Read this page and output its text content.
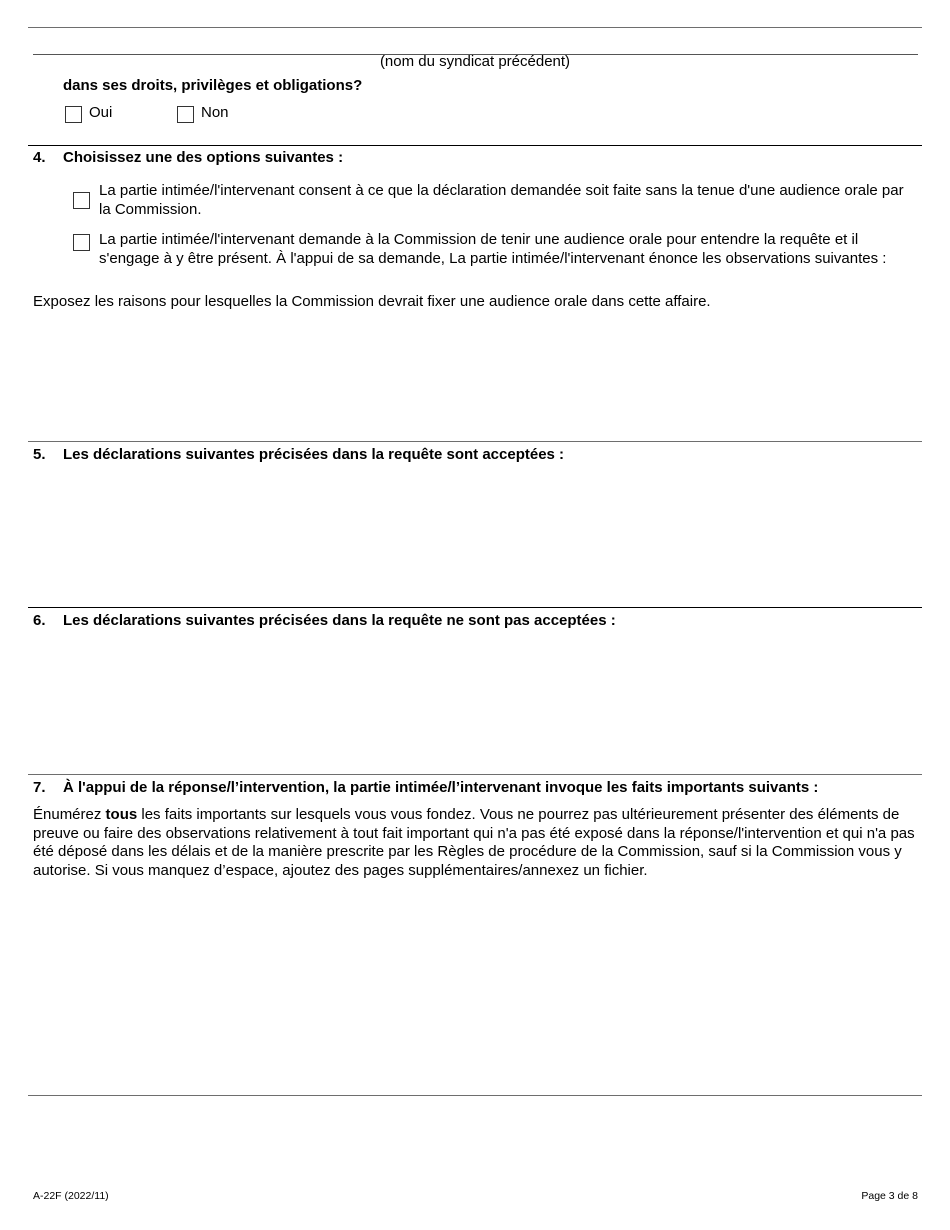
(nom du syndicat précédent)
dans ses droits, privilèges et obligations?
Oui	Non
4. Choisissez une des options suivantes :
La partie intimée/l'intervenant consent à ce que la déclaration demandée soit faite sans la tenue d'une audience orale par la Commission.
La partie intimée/l'intervenant demande à la Commission de tenir une audience orale pour entendre la requête et il s'engage à y être présent. À l'appui de sa demande, La partie intimée/l'intervenant énonce les observations suivantes :
Exposez les raisons pour lesquelles la Commission devrait fixer une audience orale dans cette affaire.
5. Les déclarations suivantes précisées dans la requête sont acceptées :
6. Les déclarations suivantes précisées dans la requête ne sont pas acceptées :
7. À l'appui de la réponse/l’intervention, la partie intimée/l’intervenant invoque les faits importants suivants :
Énumérez tous les faits importants sur lesquels vous vous fondez. Vous ne pourrez pas ultérieurement présenter des éléments de preuve ou faire des observations relativement à tout fait important qui n'a pas été exposé dans la réponse/l'intervention et qui n'a pas été déposé dans les délais et de la manière prescrite par les Règles de procédure de la Commission, sauf si la Commission vous y autorise. Si vous manquez d’espace, ajoutez des pages supplémentaires/annexez un fichier.
A-22F (2022/11)	Page 3 de 8
